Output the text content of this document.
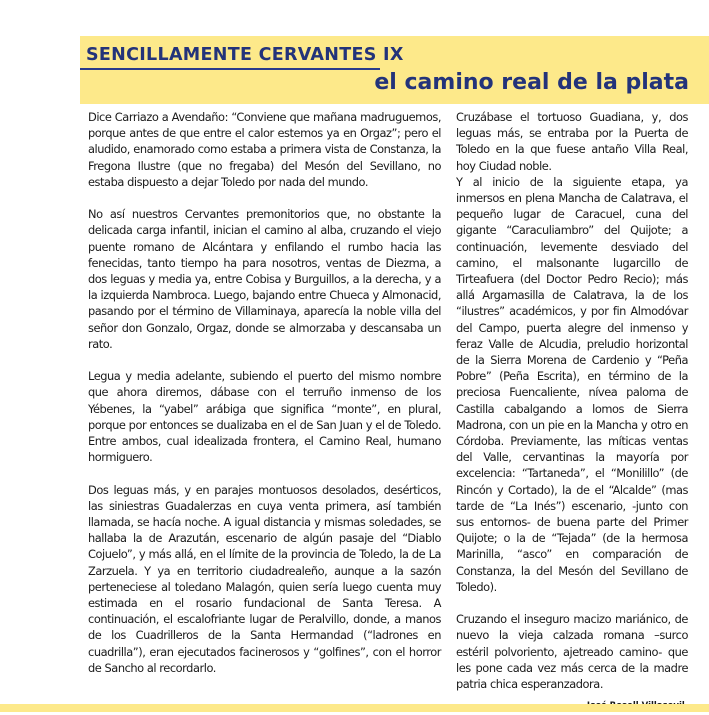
SENCILLAMENTE CERVANTES IX
el camino real de la plata

Dice Carriazo a Avendaño: “Conviene que mañana madruguemos, porque antes de que entre el calor estemos ya en Orgaz”; pero el aludido, enamorado como estaba a primera vista de Constanza, la Fregona Ilustre (que no fregaba) del Mesón del Sevillano, no estaba dispuesto a dejar Toledo por nada del mundo.

No así nuestros Cervantes premonitorios que, no obstante la delicada carga infantil, inician el camino al alba, cruzando el viejo puente romano de Alcántara y enfilando el rumbo hacia las fenecidas, tanto tiempo ha para nosotros, ventas de Diezma, a dos leguas y media ya, entre Cobisa y Burguillos, a la derecha, y a la izquierda Nambroca. Luego, bajando entre Chueca y Almonacid, pasando por el término de Villaminaya, aparecía la noble villa del señor don Gonzalo, Orgaz, donde se almorzaba y descansaba un rato.

Legua y media adelante, subiendo el puerto del mismo nombre que ahora diremos, dábase con el terruño inmenso de los Yébenes, la “yabel” arábiga que significa “monte”, en plural, porque por entonces se dualizaba en el de San Juan y el de Toledo. Entre ambos, cual idealizada frontera, el Camino Real, humano hormiguero.

Dos leguas más, y en parajes montuosos desolados, desérticos, las siniestras Guadalerzas en cuya venta primera, así también llamada, se hacía noche. A igual distancia y mismas soledades, se hallaba la de Arazután, escenario de algún pasaje del “Diablo Cojuelo”, y más allá, en el límite de la provincia de Toledo, la de La Zarzuela. Y ya en territorio ciudadrealeño, aunque a la sazón perteneciese al toledano Malagón, quien sería luego cuenta muy estimada en el rosario fundacional de Santa Teresa. A continuación, el escalofriante lugar de Peralvillo, donde, a manos de los Cuadrilleros de la Santa Hermandad (“ladrones en cuadrilla”), eran ejecutados facinerosos y “golfines”, con el horror de Sancho al recordarlo.

Cruzábase el tortuoso Guadiana, y, dos leguas más, se entraba por la Puerta de Toledo en la que fuese antaño Villa Real, hoy Ciudad noble.

Y al inicio de la siguiente etapa, ya inmersos en plena Mancha de Calatrava, el pequeño lugar de Caracuel, cuna del gigante “Caraculiambro” del Quijote; a continuación, levemente desviado del camino, el malsonante lugarcillo de Tirteafuera (del Doctor Pedro Recio); más allá Argamasilla de Calatrava, la de los “ilustres” académicos, y por fin Almodóvar del Campo, puerta alegre del inmenso y feraz Valle de Alcudia, preludio horizontal de la Sierra Morena de Cardenio y “Peña Pobre” (Peña Escrita), en término de la preciosa Fuencaliente, nívea paloma de Castilla cabalgando a lomos de Sierra Madrona, con un pie en la Mancha y otro en Córdoba. Previamente, las míticas ventas del Valle, cervantinas la mayoría por excelencia: “Tartaneda”, el “Monilillo” (de Rincón y Cortado), la de el “Alcalde” (mas tarde de “La Inés”) escenario, -junto con sus entornos- de buena parte del Primer Quijote; o la de “Tejada” (de la hermosa Marinilla, “asco” en comparación de Constanza, la del Mesón del Sevillano de Toledo).

Cruzando el inseguro macizo mariánico, de nuevo la vieja calzada romana –surco estéril polvoriento, ajetreado camino- que les pone cada vez más cerca de la madre patria chica esperanzadora.
